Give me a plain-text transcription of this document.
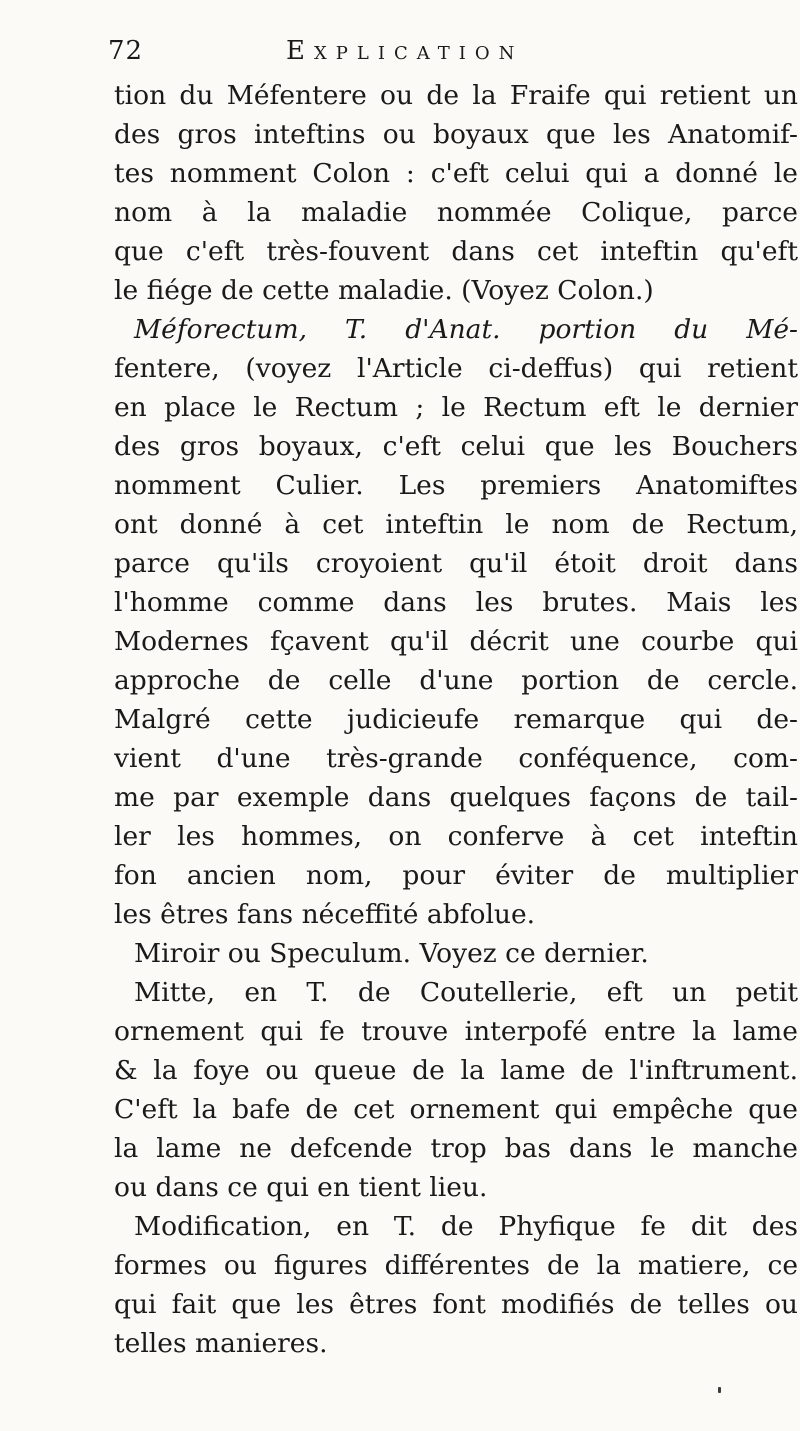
72	Explication
tion du Méfentere ou de la Fraife qui retient un
des gros inteftins ou boyaux que les Anatomif-
tes nomment Colon : c'eft celui qui a donné le
nom à la maladie nommée Colique, parce
que c'eft très-fouvent dans cet inteftin qu'eft
le fiége de cette maladie. (Voyez Colon.)
Méforectum, T. d'Anat. portion du Mé-
fentere, (voyez l'Article ci-deffus) qui retient
en place le Rectum ; le Rectum eft le dernier
des gros boyaux, c'eft celui que les Bouchers
nomment Culier. Les premiers Anatomiftes
ont donné à cet inteftin le nom de Rectum,
parce qu'ils croyoient qu'il étoit droit dans
l'homme comme dans les brutes. Mais les
Modernes fçavent qu'il décrit une courbe qui
approche de celle d'une portion de cercle.
Malgré cette judicieufe remarque qui de-
vient d'une très-grande conféquence, com-
me par exemple dans quelques façons de tail-
ler les hommes, on conferve à cet inteftin
fon ancien nom, pour éviter de multiplier
les êtres fans néceffité abfolue.
Miroir ou Speculum. Voyez ce dernier.
Mitte, en T. de Coutellerie, eft un petit
ornement qui fe trouve interpofé entre la lame
& la foye ou queue de la lame de l'inftrument.
C'eft la bafe de cet ornement qui empêche que
la lame ne defcende trop bas dans le manche
ou dans ce qui en tient lieu.
Modification, en T. de Phyfique fe dit des
formes ou figures différentes de la matiere, ce
qui fait que les êtres font modifiés de telles ou
telles manieres.
